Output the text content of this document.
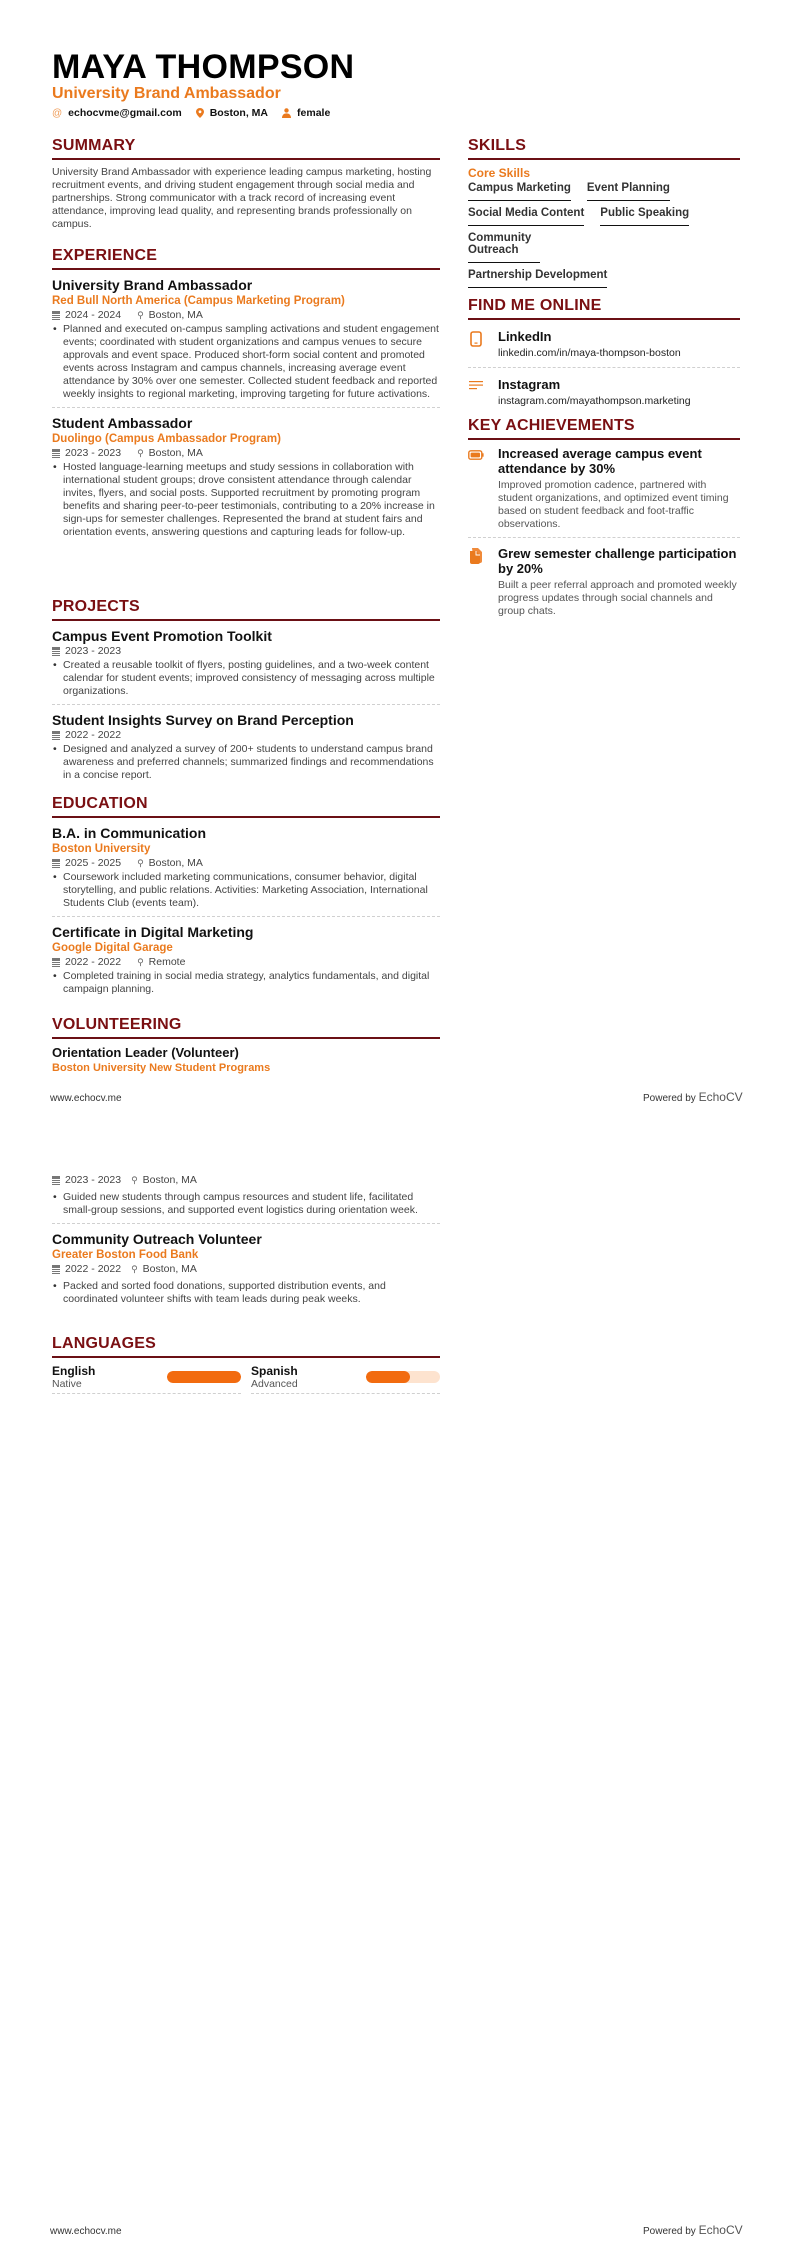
MAYA THOMPSON
University Brand Ambassador
@ echocvme@gmail.com	Boston, MA	female
SUMMARY
University Brand Ambassador with experience leading campus marketing, hosting recruitment events, and driving student engagement through social media and partnerships. Strong communicator with a track record of increasing event attendance, improving lead quality, and representing brands professionally on campus.
EXPERIENCE
University Brand Ambassador
Red Bull North America (Campus Marketing Program)
2024 - 2024 ⚲ Boston, MA
• Planned and executed on-campus sampling activations and student engagement events; coordinated with student organizations and campus venues to secure approvals and event space. Produced short-form social content and promoted events across Instagram and campus channels, increasing average event attendance by 30% over one semester. Collected student feedback and reported weekly insights to regional marketing, improving targeting for future activations.
Student Ambassador
Duolingo (Campus Ambassador Program)
2023 - 2023 ⚲ Boston, MA
• Hosted language-learning meetups and study sessions in collaboration with international student groups; drove consistent attendance through calendar invites, flyers, and social posts. Supported recruitment by promoting program benefits and sharing peer-to-peer testimonials, contributing to a 20% increase in sign-ups for semester challenges. Represented the brand at student fairs and orientation events, answering questions and capturing leads for follow-up.
PROJECTS
Campus Event Promotion Toolkit
2023 - 2023
• Created a reusable toolkit of flyers, posting guidelines, and a two-week content calendar for student events; improved consistency of messaging across multiple organizations.
Student Insights Survey on Brand Perception
2022 - 2022
• Designed and analyzed a survey of 200+ students to understand campus brand awareness and preferred channels; summarized findings and recommendations in a concise report.
EDUCATION
B.A. in Communication
Boston University
2025 - 2025 ⚲ Boston, MA
• Coursework included marketing communications, consumer behavior, digital storytelling, and public relations. Activities: Marketing Association, International Students Club (events team).
Certificate in Digital Marketing
Google Digital Garage
2022 - 2022 ⚲ Remote
• Completed training in social media strategy, analytics fundamentals, and digital campaign planning.
VOLUNTEERING
Orientation Leader (Volunteer)
Boston University New Student Programs
www.echocv.me	Powered by EchoCV
2023 - 2023 ⚲ Boston, MA
• Guided new students through campus resources and student life, facilitated small-group sessions, and supported event logistics during orientation week.
Community Outreach Volunteer
Greater Boston Food Bank
2022 - 2022 ⚲ Boston, MA
• Packed and sorted food donations, supported distribution events, and coordinated volunteer shifts with team leads during peak weeks.
LANGUAGES
English
Native
Spanish
Advanced
SKILLS
Core Skills
Campus Marketing Event Planning
Social Media Content Public Speaking
Community Outreach
Partnership Development
FIND ME ONLINE
LinkedIn
linkedin.com/in/maya-thompson-boston
Instagram
instagram.com/mayathompson.marketing
KEY ACHIEVEMENTS
Increased average campus event attendance by 30%
Improved promotion cadence, partnered with student organizations, and optimized event timing based on student feedback and foot-traffic observations.
Grew semester challenge participation by 20%
Built a peer referral approach and promoted weekly progress updates through social channels and group chats.
www.echocv.me	Powered by EchoCV
